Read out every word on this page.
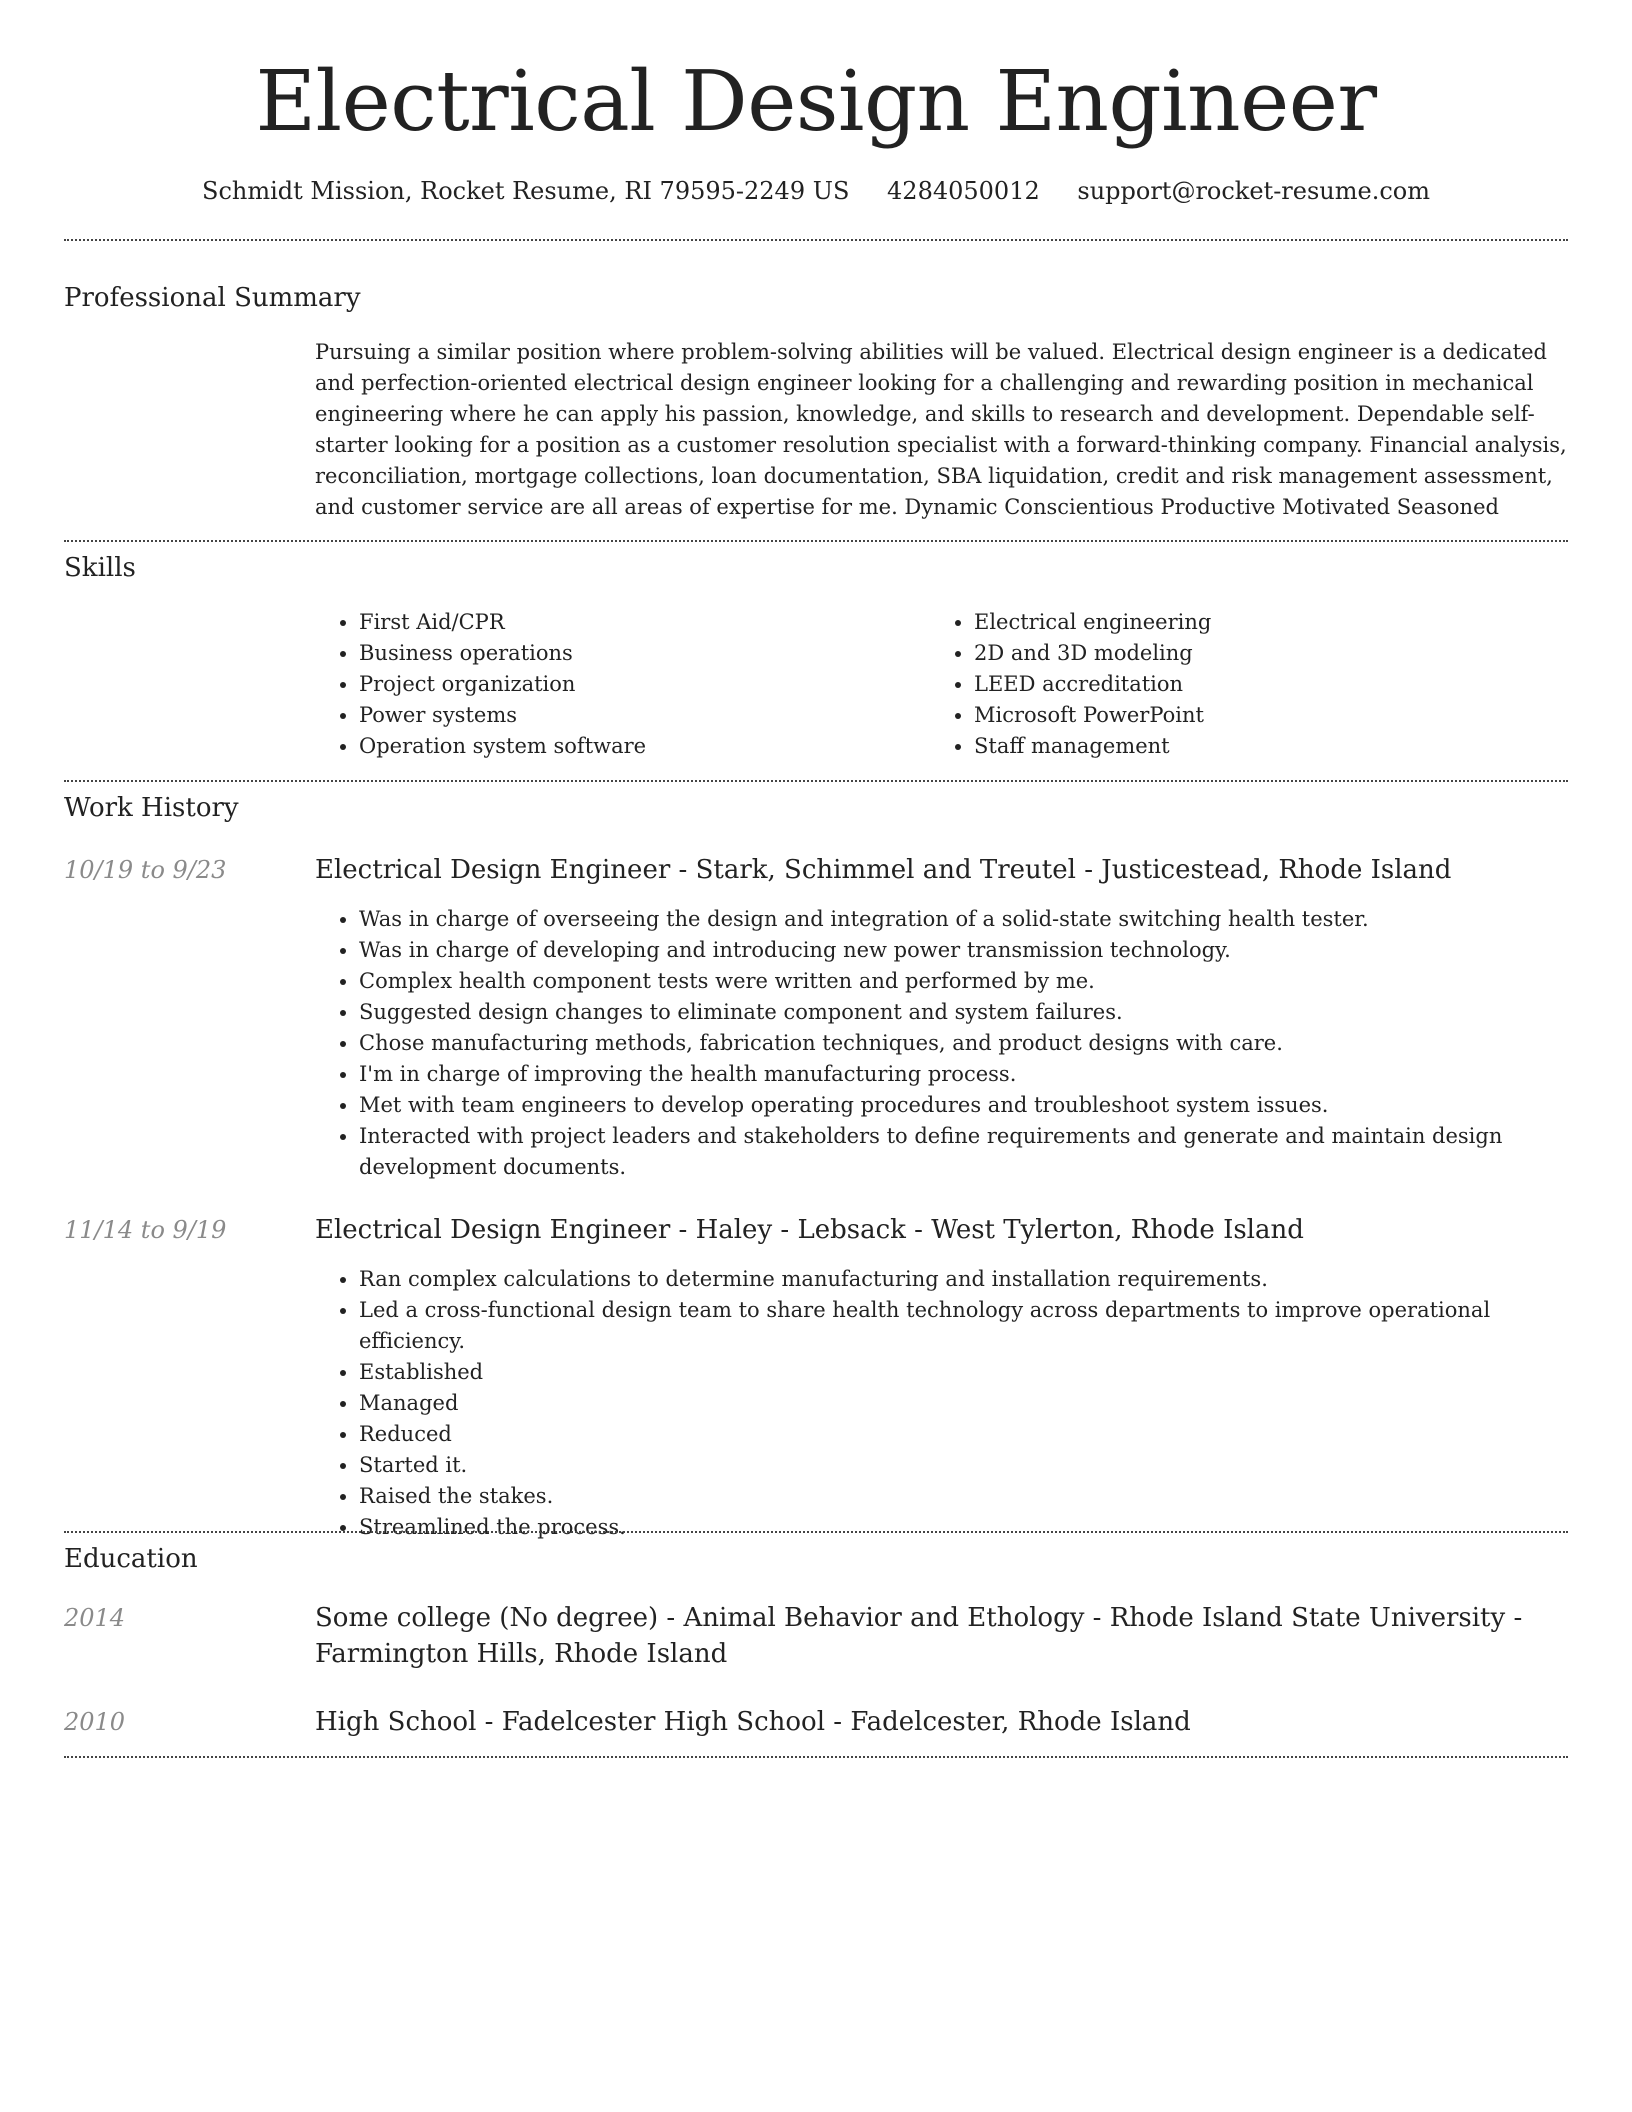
Electrical Design Engineer
Schmidt Mission, Rocket Resume, RI 79595-2249 US 4284050012 support@rocket-resume.com
Professional Summary

Pursuing a similar position where problem-solving abilities will be valued. Electrical design engineer is a dedicated and perfection-oriented electrical design engineer looking for a challenging and rewarding position in mechanical engineering where he can apply his passion, knowledge, and skills to research and development. Dependable self-starter looking for a position as a customer resolution specialist with a forward-thinking company. Financial analysis, reconciliation, mortgage collections, loan documentation, SBA liquidation, credit and risk management assessment, and customer service are all areas of expertise for me. Dynamic Conscientious Productive Motivated Seasoned

Skills
• First Aid/CPR
• Business operations
• Project organization
• Power systems
• Operation system software
• Electrical engineering
• 2D and 3D modeling
• LEED accreditation
• Microsoft PowerPoint
• Staff management
Work History
10/19 to 9/23	Electrical Design Engineer - Stark, Schimmel and Treutel - Justicestead, Rhode Island
• Was in charge of overseeing the design and integration of a solid-state switching health tester.
• Was in charge of developing and introducing new power transmission technology.
• Complex health component tests were written and performed by me.
• Suggested design changes to eliminate component and system failures.
• Chose manufacturing methods, fabrication techniques, and product designs with care.
• I'm in charge of improving the health manufacturing process.
• Met with team engineers to develop operating procedures and troubleshoot system issues.
• Interacted with project leaders and stakeholders to define requirements and generate and maintain design development documents.
11/14 to 9/19	Electrical Design Engineer - Haley - Lebsack - West Tylerton, Rhode Island
• Ran complex calculations to determine manufacturing and installation requirements.
• Led a cross-functional design team to share health technology across departments to improve operational efficiency.
• Established
• Managed
• Reduced
• Started it.
• Raised the stakes.
• Streamlined the process.
Education
2014	Some college (No degree) - Animal Behavior and Ethology - Rhode Island State University - Farmington Hills, Rhode Island
2010	High School - Fadelcester High School - Fadelcester, Rhode Island
